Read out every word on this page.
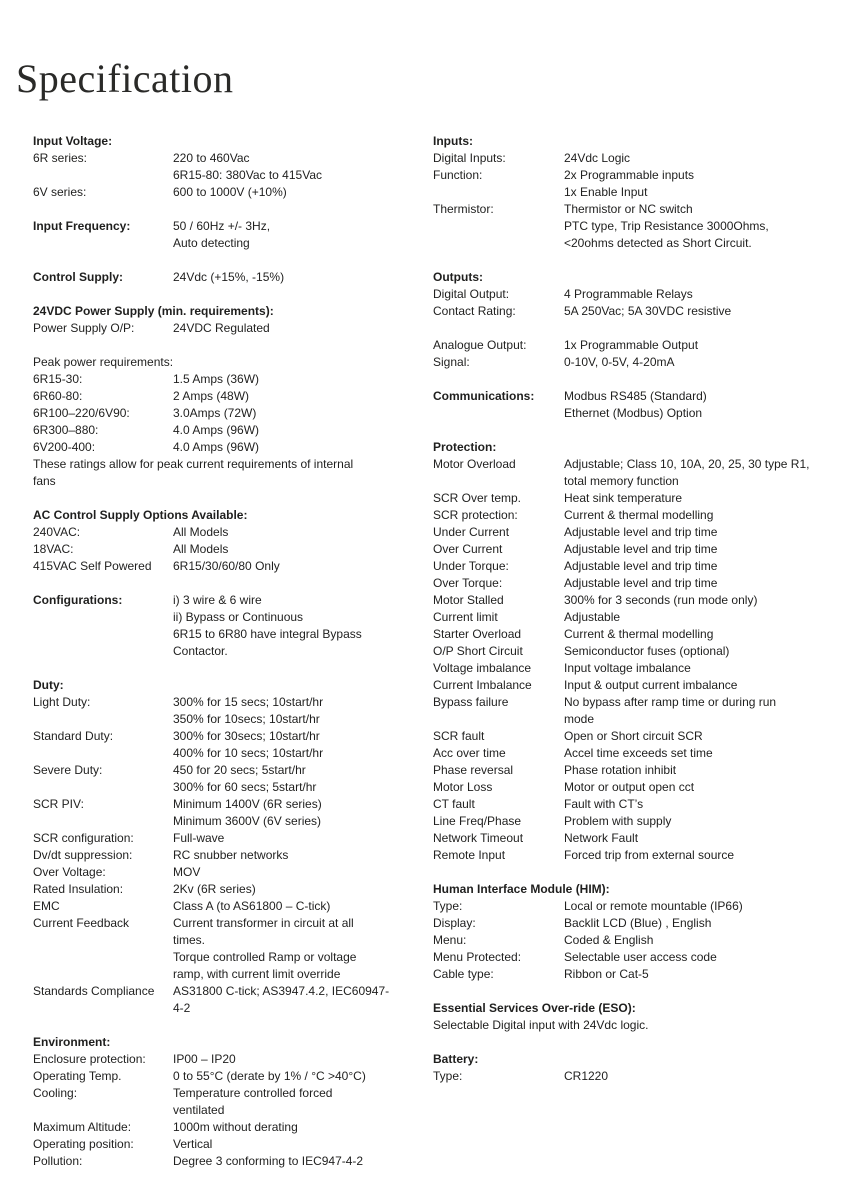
Specification
Input Voltage:
6R series:	220 to 460Vac
6R15-80: 380Vac to 415Vac
6V series:	600 to 1000V (+10%)
Input Frequency:	50 / 60Hz +/- 3Hz,
Auto detecting
Control Supply:	24Vdc (+15%, -15%)
24VDC Power Supply (min. requirements):
Power Supply O/P:	24VDC Regulated
Peak power requirements:
6R15-30:	1.5 Amps (36W)
6R60-80:	2 Amps (48W)
6R100–220/6V90:	3.0Amps (72W)
6R300–880:	4.0 Amps (96W)
6V200-400:	4.0 Amps (96W)
These ratings allow for peak current requirements of internal
fans
AC Control Supply Options Available:
240VAC:	All Models
18VAC:	All Models
415VAC Self Powered	6R15/30/60/80 Only
Configurations:	i) 3 wire & 6 wire
ii) Bypass or Continuous
6R15 to 6R80 have integral Bypass
Contactor.
Duty:
Light Duty:	300% for 15 secs; 10start/hr
350% for 10secs; 10start/hr
Standard Duty:	300% for 30secs; 10start/hr
400% for 10 secs; 10start/hr
Severe Duty:	450 for 20 secs; 5start/hr
300% for 60 secs; 5start/hr
SCR PIV:	Minimum 1400V (6R series)
Minimum 3600V (6V series)
SCR configuration:	Full-wave
Dv/dt suppression:	RC snubber networks
Over Voltage:	MOV
Rated Insulation:	2Kv (6R series)
EMC	Class A (to AS61800 – C-tick)
Current Feedback	Current transformer in circuit at all
times.
Torque controlled Ramp or voltage
ramp, with current limit override
Standards Compliance	AS31800 C-tick; AS3947.4.2, IEC60947-
4-2
Environment:
Enclosure protection:	IP00 – IP20
Operating Temp.	0 to 55°C (derate by 1% / °C >40°C)
Cooling:	Temperature controlled forced
ventilated
Maximum Altitude:	1000m without derating
Operating position:	Vertical
Pollution:	Degree 3 conforming to IEC947-4-2
Inputs:
Digital Inputs:	24Vdc Logic
Function:	2x Programmable inputs
1x Enable Input
Thermistor:	Thermistor or NC switch
PTC type, Trip Resistance 3000Ohms,
<20ohms detected as Short Circuit.
Outputs:
Digital Output:	4 Programmable Relays
Contact Rating:	5A 250Vac; 5A 30VDC resistive
Analogue Output:	1x Programmable Output
Signal:	0-10V, 0-5V, 4-20mA
Communications:	Modbus RS485 (Standard)
Ethernet (Modbus) Option
Protection:
Motor Overload	Adjustable; Class 10, 10A, 20, 25, 30 type R1,
total memory function
SCR Over temp.	Heat sink temperature
SCR protection:	Current & thermal modelling
Under Current	Adjustable level and trip time
Over Current	Adjustable level and trip time
Under Torque:	Adjustable level and trip time
Over Torque:	Adjustable level and trip time
Motor Stalled	300% for 3 seconds (run mode only)
Current limit	Adjustable
Starter Overload	Current & thermal modelling
O/P Short Circuit	Semiconductor fuses (optional)
Voltage imbalance	Input voltage imbalance
Current Imbalance	Input & output current imbalance
Bypass failure	No bypass after ramp time or during run
mode
SCR fault	Open or Short circuit SCR
Acc over time	Accel time exceeds set time
Phase reversal	Phase rotation inhibit
Motor Loss	Motor or output open cct
CT fault	Fault with CT’s
Line Freq/Phase	Problem with supply
Network Timeout	Network Fault
Remote Input	Forced trip from external source
Human Interface Module (HIM):
Type:	Local or remote mountable (IP66)
Display:	Backlit LCD (Blue) , English
Menu:	Coded & English
Menu Protected:	Selectable user access code
Cable type:	Ribbon or Cat-5
Essential Services Over-ride (ESO):
Selectable Digital input with 24Vdc logic.
Battery:
Type:	CR1220
